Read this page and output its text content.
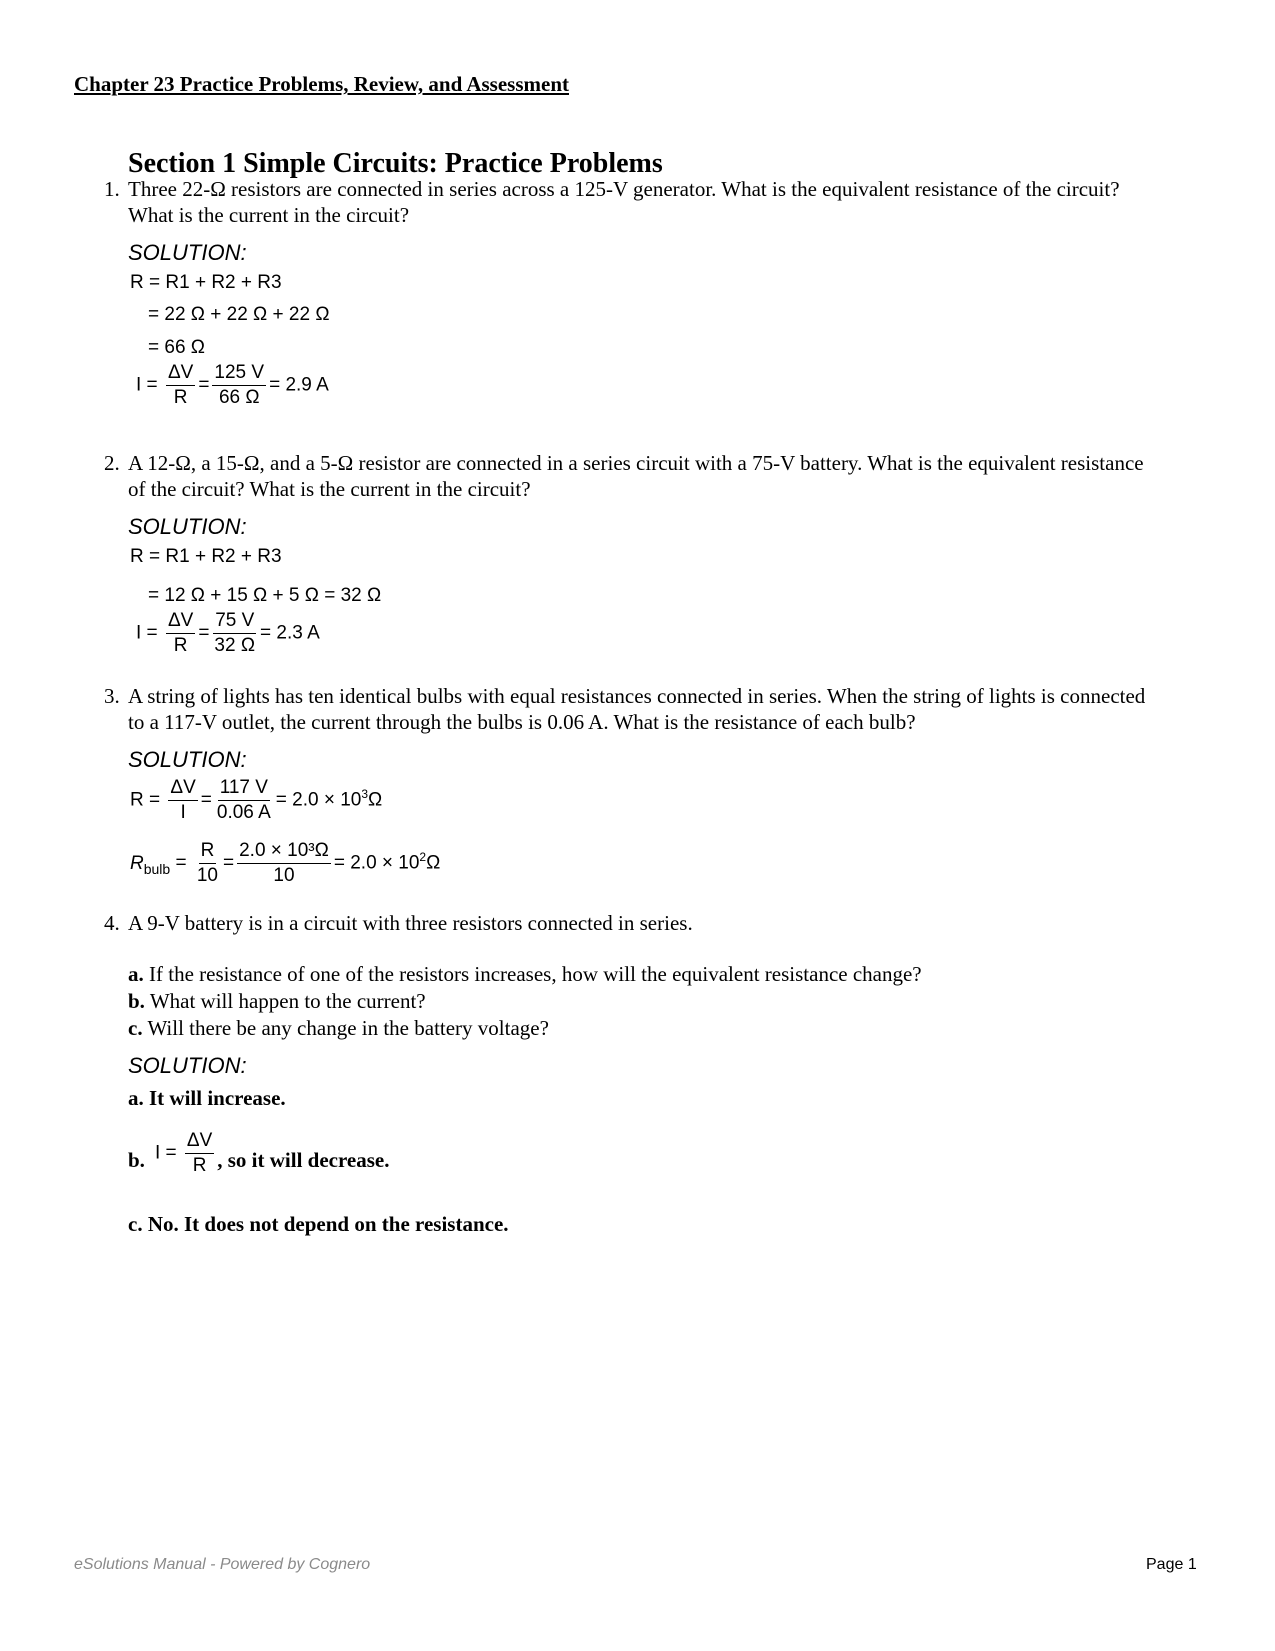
Chapter 23 Practice Problems, Review, and Assessment
Section 1 Simple Circuits: Practice Problems
1. Three 22-Ω resistors are connected in series across a 125-V generator. What is the equivalent resistance of the circuit? What is the current in the circuit?
SOLUTION:
R = R1 + R2 + R3
= 22 Ω + 22 Ω + 22 Ω
= 66 Ω
$I = \frac{\Delta V}{R} = \frac{125 V}{66 \Omega} = 2.9$ A
2. A 12-Ω, a 15-Ω, and a 5-Ω resistor are connected in a series circuit with a 75-V battery. What is the equivalent resistance of the circuit? What is the current in the circuit?
SOLUTION:
R = R1 + R2 + R3
= 12 Ω + 15 Ω + 5 Ω = 32 Ω
$I = \frac{\Delta V}{R} = \frac{75 V}{32 \Omega} = 2.3$ A
3. A string of lights has ten identical bulbs with equal resistances connected in series. When the string of lights is connected to a 117-V outlet, the current through the bulbs is 0.06 A. What is the resistance of each bulb?
SOLUTION:
$R = \frac{\Delta V}{I} = \frac{117 V}{0.06 A} = 2.0 \times 10^3\Omega$
$R_{bulb} = \frac{R}{10} = \frac{\text{2.0 × 10³Ω}}{10} = 2.0 \times 10^2\Omega$
4. A 9-V battery is in a circuit with three resistors connected in series.
a. If the resistance of one of the resistors increases, how will the equivalent resistance change?
b. What will happen to the current?
c. Will there be any change in the battery voltage?
SOLUTION:
a. It will increase.
b. $I = \frac{\Delta V}{R}$ , so it will decrease.
c. No. It does not depend on the resistance.
eSolutions Manual - Powered by Cognero	Page 1
